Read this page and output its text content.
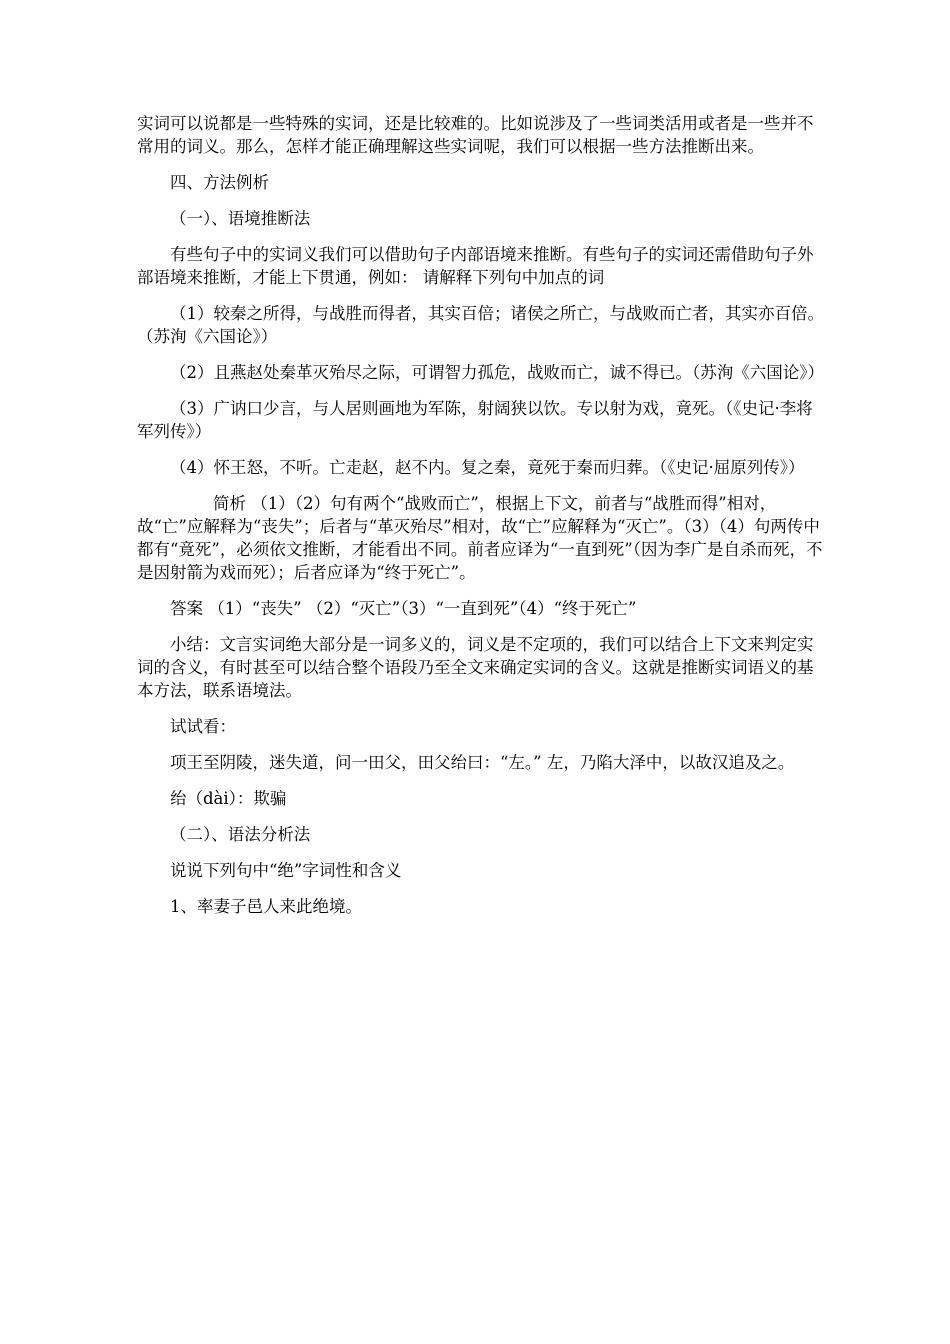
实词可以说都是一些特殊的实词，还是比较难的。比如说涉及了一些词类活用或者是一些并不常用的词义。那么，怎样才能正确理解这些实词呢，我们可以根据一些方法推断出来。

四、方法例析

（一）、语境推断法

有些句子中的实词义我们可以借助句子内部语境来推断。有些句子的实词还需借助句子外部语境来推断，才能上下贯通，例如： 请解释下列句中加点的词

（1）较秦之所得，与战胜而得者，其实百倍；诸侯之所亡，与战败而亡者，其实亦百倍。（苏洵《六国论》）

（2）且燕赵处秦革灭殆尽之际，可谓智力孤危，战败而亡，诚不得已。（苏洵《六国论》）

（3）广讷口少言，与人居则画地为军陈，射阔狭以饮。专以射为戏，竟死。（《史记·李将军列传》）

（4）怀王怒，不听。亡走赵，赵不内。复之秦，竟死于秦而归葬。（《史记·屈原列传》）

简析 （1）（2）句有两个“战败而亡”，根据上下文，前者与“战胜而得”相对，故“亡”应解释为“丧失”；后者与“革灭殆尽”相对，故“亡”应解释为“灭亡”。（3）（4）句两传中都有“竟死”，必须依文推断，才能看出不同。前者应译为“一直到死”（因为李广是自杀而死，不是因射箭为戏而死）；后者应译为“终于死亡”。

答案 （1）“丧失” （2）“灭亡”（3）“一直到死”（4）“终于死亡”

小结：文言实词绝大部分是一词多义的，词义是不定项的，我们可以结合上下文来判定实词的含义，有时甚至可以结合整个语段乃至全文来确定实词的含义。这就是推断实词语义的基本方法，联系语境法。

试试看：

项王至阴陵，迷失道，问一田父，田父绐曰：“左。” 左，乃陷大泽中，以故汉追及之。

绐（dài）：欺骗

（二）、语法分析法

说说下列句中“绝”字词性和含义

1、率妻子邑人来此绝境。
